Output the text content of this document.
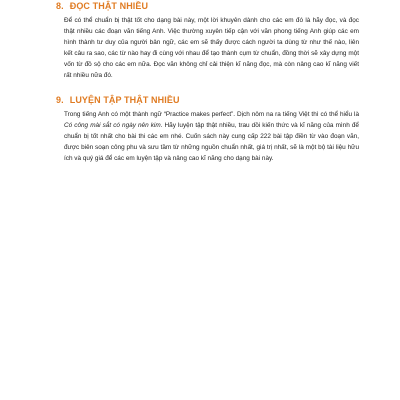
8. ĐỌC THẬT NHIỀU

Để có thể chuẩn bị thật tốt cho dạng bài này, một lời khuyên dành cho các em đó là hãy đọc, và đọc thật nhiều các đoạn văn tiếng Anh. Việc thường xuyên tiếp cận với văn phong tiếng Anh giúp các em hình thành tư duy của người bản ngữ, các em sẽ thấy được cách người ta dùng từ như thế nào, liên kết câu ra sao, các từ nào hay đi cùng với nhau để tạo thành cụm từ chuẩn, đồng thời sẽ xây dựng một vốn từ đồ sộ cho các em nữa. Đọc văn không chỉ cải thiện kĩ năng đọc, mà còn nâng cao kĩ năng viết rất nhiều nữa đó.

9. LUYỆN TẬP THẬT NHIỀU

Trong tiếng Anh có một thành ngữ “Practice makes perfect”. Dịch nôm na ra tiếng Việt thì có thể hiểu là Có công mài sắt có ngày nên kim. Hãy luyện tập thật nhiều, trau dồi kiến thức và kĩ năng của mình để chuẩn bị tốt nhất cho bài thi các em nhé. Cuốn sách này cung cấp 222 bài tập điền từ vào đoạn văn, được biên soạn công phu và sưu tầm từ những nguồn chuẩn nhất, giá trị nhất, sẽ là một bộ tài liệu hữu ích và quý giá để các em luyện tập và nâng cao kĩ năng cho dạng bài này.
